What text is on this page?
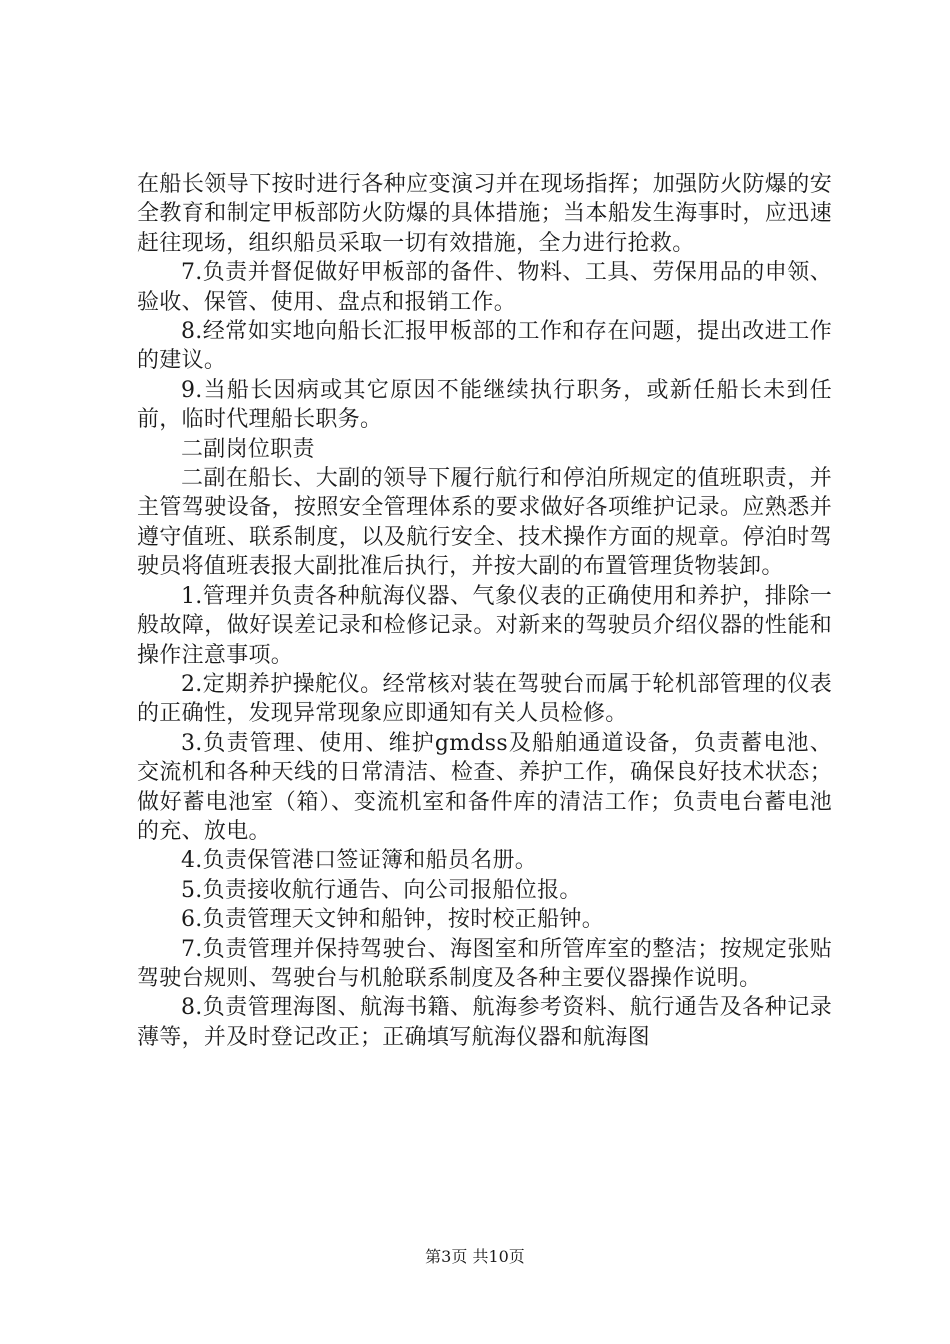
在船长领导下按时进行各种应变演习并在现场指挥；加强防火防爆的安全教育和制定甲板部防火防爆的具体措施；当本船发生海事时，应迅速赶往现场，组织船员采取一切有效措施，全力进行抢救。

7.负责并督促做好甲板部的备件、物料、工具、劳保用品的申领、验收、保管、使用、盘点和报销工作。

8.经常如实地向船长汇报甲板部的工作和存在问题，提出改进工作的建议。

9.当船长因病或其它原因不能继续执行职务，或新任船长未到任前，临时代理船长职务。

二副岗位职责

二副在船长、大副的领导下履行航行和停泊所规定的值班职责，并主管驾驶设备，按照安全管理体系的要求做好各项维护记录。应熟悉并遵守值班、联系制度，以及航行安全、技术操作方面的规章。停泊时驾驶员将值班表报大副批准后执行，并按大副的布置管理货物装卸。

1.管理并负责各种航海仪器、气象仪表的正确使用和养护，排除一般故障，做好误差记录和检修记录。对新来的驾驶员介绍仪器的性能和操作注意事项。

2.定期养护操舵仪。经常核对装在驾驶台而属于轮机部管理的仪表的正确性，发现异常现象应即通知有关人员检修。

3.负责管理、使用、维护gmdss及船舶通道设备，负责蓄电池、交流机和各种天线的日常清洁、检查、养护工作，确保良好技术状态；做好蓄电池室（箱）、变流机室和备件库的清洁工作；负责电台蓄电池的充、放电。

4.负责保管港口签证簿和船员名册。

5.负责接收航行通告、向公司报船位报。

6.负责管理天文钟和船钟，按时校正船钟。

7.负责管理并保持驾驶台、海图室和所管库室的整洁；按规定张贴驾驶台规则、驾驶台与机舱联系制度及各种主要仪器操作说明。

8.负责管理海图、航海书籍、航海参考资料、航行通告及各种记录薄等，并及时登记改正；正确填写航海仪器和航海图

第3页 共10页
